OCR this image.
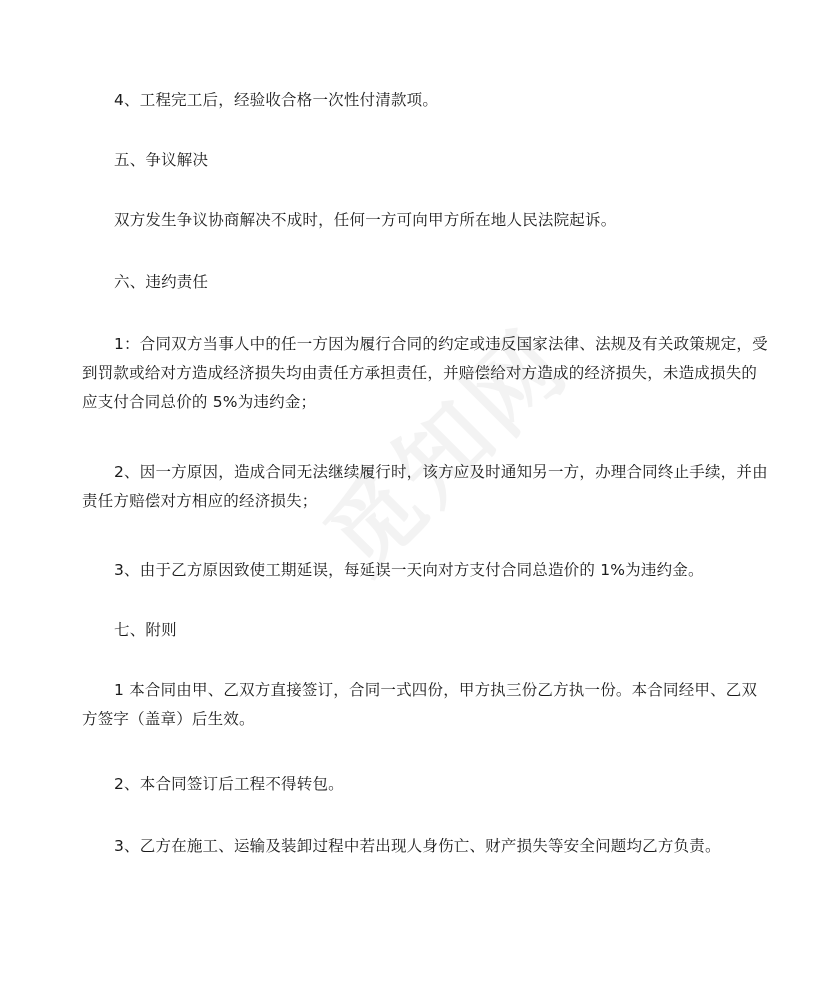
4、工程完工后，经验收合格一次性付清款项。

五、争议解决

双方发生争议协商解决不成时，任何一方可向甲方所在地人民法院起诉。

六、违约责任

1：合同双方当事人中的任一方因为履行合同的约定或违反国家法律、法规及有关政策规定，受到罚款或给对方造成经济损失均由责任方承担责任，并赔偿给对方造成的经济损失，未造成损失的应支付合同总价的 5%为违约金；

2、因一方原因，造成合同无法继续履行时，该方应及时通知另一方，办理合同终止手续，并由责任方赔偿对方相应的经济损失；

3、由于乙方原因致使工期延误，每延误一天向对方支付合同总造价的 1%为违约金。

七、附则

1 本合同由甲、乙双方直接签订，合同一式四份，甲方执三份乙方执一份。本合同经甲、乙双方签字（盖章）后生效。

2、本合同签订后工程不得转包。

3、乙方在施工、运输及装卸过程中若出现人身伤亡、财产损失等安全问题均乙方负责。
